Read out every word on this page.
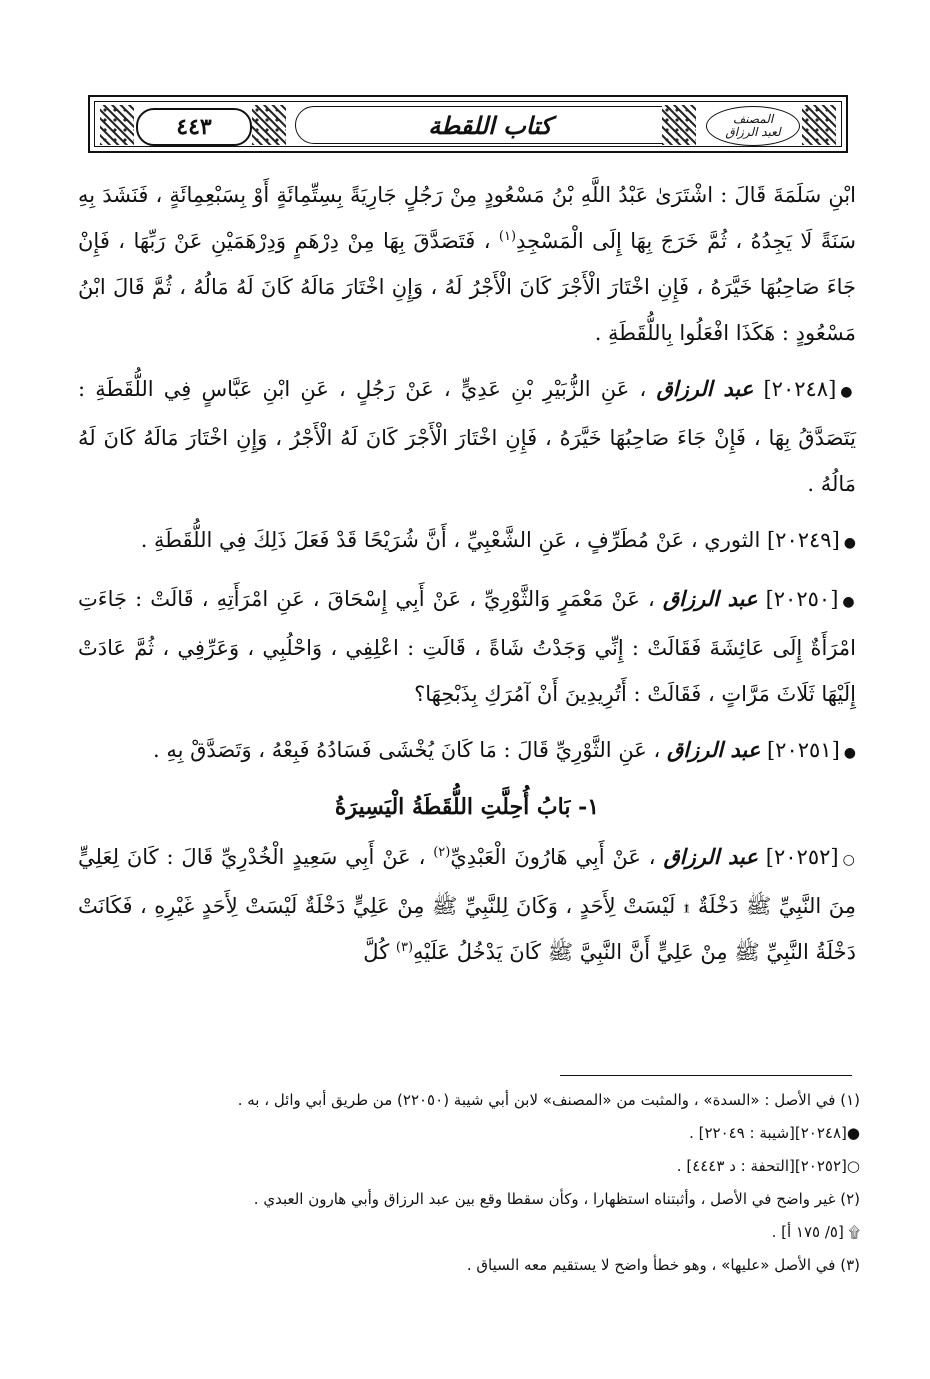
٤٤٣	كتاب اللقطة	المصنف
لعبد الرزاق

ابْنِ سَلَمَةَ قَالَ : اشْتَرَىٰ عَبْدُ اللَّهِ بْنُ مَسْعُودٍ مِنْ رَجُلٍ جَارِيَةً بِسِتِّمِائَةٍ أَوْ بِسَبْعِمِائَةٍ ، فَنَشَدَ بِهِ سَنَةً لَا يَجِدُهُ ، ثُمَّ خَرَجَ بِهَا إِلَى الْمَسْجِدِ$^{(١)}$ ، فَتَصَدَّقَ بِهَا مِنْ دِرْهَمٍ وَدِرْهَمَيْنِ عَنْ رَبِّهَا ، فَإِنْ جَاءَ صَاحِبُهَا خَيَّرَهُ ، فَإِنِ اخْتَارَ الْأَجْرَ كَانَ الْأَجْرُ لَهُ ، وَإِنِ اخْتَارَ مَالَهُ كَانَ لَهُ مَالُهُ ، ثُمَّ قَالَ ابْنُ مَسْعُودٍ : هَكَذَا افْعَلُوا بِاللُّقَطَةِ .

●[٢٠٢٤٨] عبد الرزاق ، عَنِ الزُّبَيْرِ بْنِ عَدِيٍّ ، عَنْ رَجُلٍ ، عَنِ ابْنِ عَبَّاسٍ فِي اللُّقَطَةِ : يَتَصَدَّقُ بِهَا ، فَإِنْ جَاءَ صَاحِبُهَا خَيَّرَهُ ، فَإِنِ اخْتَارَ الْأَجْرَ كَانَ لَهُ الْأَجْرُ ، وَإِنِ اخْتَارَ مَالَهُ كَانَ لَهُ مَالُهُ .

●[٢٠٢٤٩] الثوري ، عَنْ مُطَرِّفٍ ، عَنِ الشَّعْبِيِّ ، أَنَّ شُرَيْحًا قَدْ فَعَلَ ذَلِكَ فِي اللُّقَطَةِ .

●[٢٠٢٥٠] عبد الرزاق ، عَنْ مَعْمَرٍ وَالثَّوْرِيِّ ، عَنْ أَبِي إِسْحَاقَ ، عَنِ امْرَأَتِهِ ، قَالَتْ : جَاءَتِ امْرَأَةٌ إِلَى عَائِشَةَ فَقَالَتْ : إِنِّي وَجَدْتُ شَاةً ، قَالَتِ : اعْلِفِي ، وَاحْلُبِي ، وَعَرِّفِي ، ثُمَّ عَادَتْ إِلَيْهَا ثَلَاثَ مَرَّاتٍ ، فَقَالَتْ : أَتُرِيدِينَ أَنْ آمُرَكِ بِذَبْحِهَا؟

●[٢٠٢٥١] عبد الرزاق ، عَنِ الثَّوْرِيِّ قَالَ : مَا كَانَ يُخْشَى فَسَادُهُ فَبِعْهُ ، وَتَصَدَّقْ بِهِ .

١- بَابُ أُحِلَّتِ اللُّقَطَةُ الْيَسِيرَةُ

○[٢٠٢٥٢] عبد الرزاق ، عَنْ أَبِي هَارُونَ الْعَبْدِيِّ$^{(٢)}$ ، عَنْ أَبِي سَعِيدٍ الْخُدْرِيِّ قَالَ : كَانَ لِعَلِيٍّ مِنَ النَّبِيِّ ﷺ دَخْلَةٌ ۩ لَيْسَتْ لِأَحَدٍ ، وَكَانَ لِلنَّبِيِّ ﷺ مِنْ عَلِيٍّ دَخْلَةٌ لَيْسَتْ لِأَحَدٍ غَيْرِهِ ، فَكَانَتْ دَخْلَةُ النَّبِيِّ ﷺ مِنْ عَلِيٍّ أَنَّ النَّبِيَّ ﷺ كَانَ يَدْخُلُ عَلَيْهِ$^{(٣)}$ كُلَّ

(١) في الأصل : «السدة» ، والمثبت من «المصنف» لابن أبي شيبة (٢٢٠٥٠) من طريق أبي وائل ، به .

●[٢٠٢٤٨][شيبة : ٢٢٠٤٩] .

○[٢٠٢٥٢][التحفة : د ٤٤٤٣] .

(٢) غير واضح في الأصل ، وأثبتناه استظهارا ، وكأن سقطا وقع بين عبد الرزاق وأبي هارون العبدي .

۩ [٥/ ١٧٥ أ] .

(٣) في الأصل «عليها» ، وهو خطأ واضح لا يستقيم معه السياق .
